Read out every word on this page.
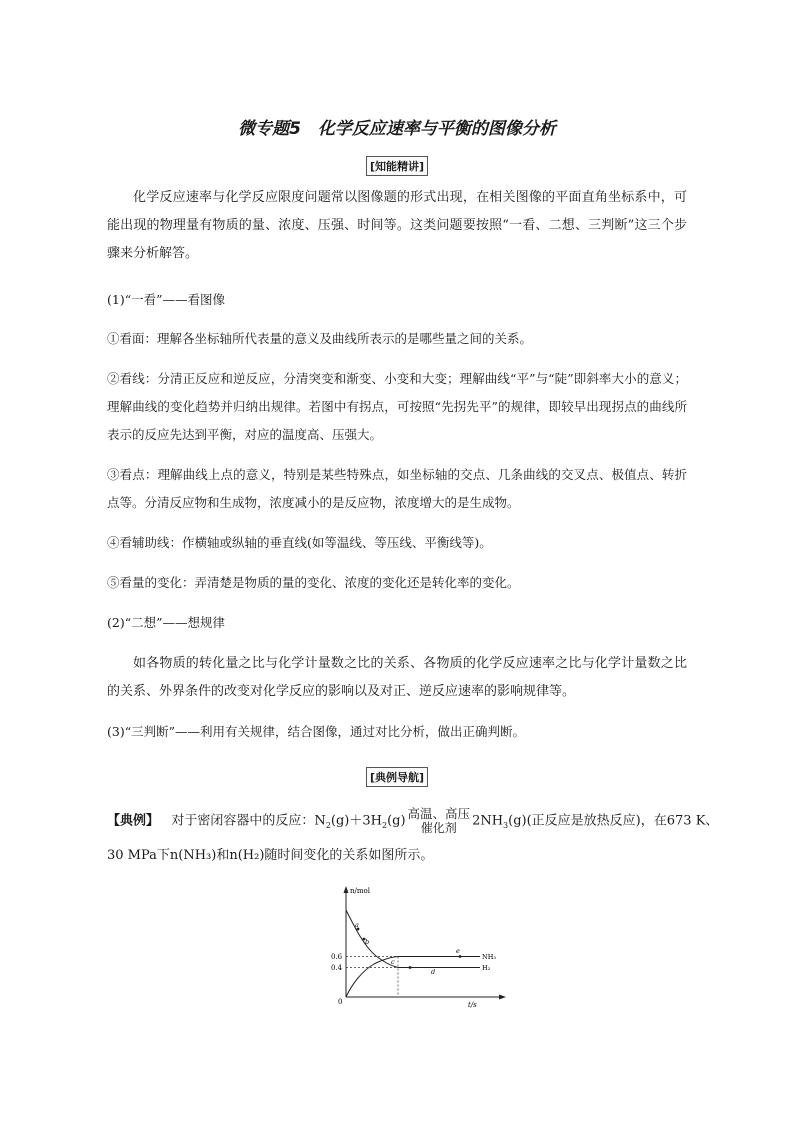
微专题5　化学反应速率与平衡的图像分析
[知能精讲]
化学反应速率与化学反应限度问题常以图像题的形式出现，在相关图像的平面直角坐标系中，可能出现的物理量有物质的量、浓度、压强、时间等。这类问题要按照“一看、二想、三判断”这三个步骤来分析解答。
(1)“一看”——看图像
①看面：理解各坐标轴所代表量的意义及曲线所表示的是哪些量之间的关系。
②看线：分清正反应和逆反应，分清突变和渐变、小变和大变；理解曲线“平”与“陡”即斜率大小的意义；理解曲线的变化趋势并归纳出规律。若图中有拐点，可按照“先拐先平”的规律，即较早出现拐点的曲线所表示的反应先达到平衡，对应的温度高、压强大。
③看点：理解曲线上点的意义，特别是某些特殊点，如坐标轴的交点、几条曲线的交叉点、极值点、转折点等。分清反应物和生成物，浓度减小的是反应物，浓度增大的是生成物。
④看辅助线：作横轴或纵轴的垂直线(如等温线、等压线、平衡线等)。
⑤看量的变化：弄清楚是物质的量的变化、浓度的变化还是转化率的变化。
(2)“二想”——想规律
如各物质的转化量之比与化学计量数之比的关系、各物质的化学反应速率之比与化学计量数之比的关系、外界条件的改变对化学反应的影响以及对正、逆反应速率的影响规律等。
(3)“三判断”——利用有关规律，结合图像，通过对比分析，做出正确判断。
[典例导航]
【典例】 对于密闭容器中的反应：$N_2(g)+3H_2(g)$ 高温、高压
催化剂	$2NH_3(g)$(正反应是放热反应)，在673 K、
30 MPa下n(NH₃)和n(H₂)随时间变化的关系如图所示。
n/mol
t/s
0
0.6
0.4
a
b
c
d
e
NH₃
H₂
